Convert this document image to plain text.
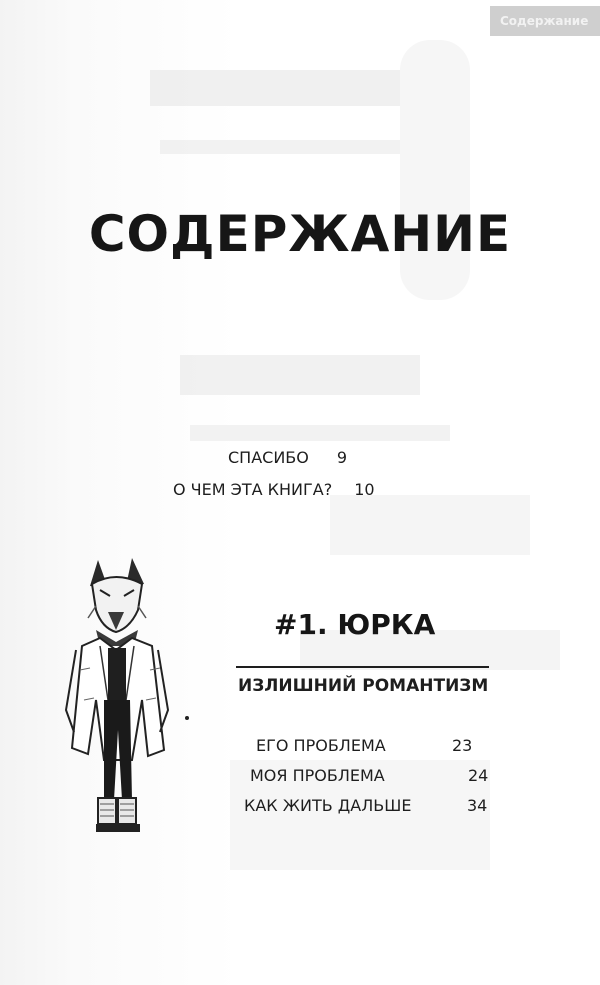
Содержание
СОДЕРЖАНИЕ
СПАСИБО 9
О ЧЕМ ЭТА КНИГА? 10
#1. ЮРКА
ИЗЛИШНИЙ РОМАНТИЗМ
ЕГО ПРОБЛЕМА	23
МОЯ ПРОБЛЕМА	24
КАК ЖИТЬ ДАЛЬШЕ	34
